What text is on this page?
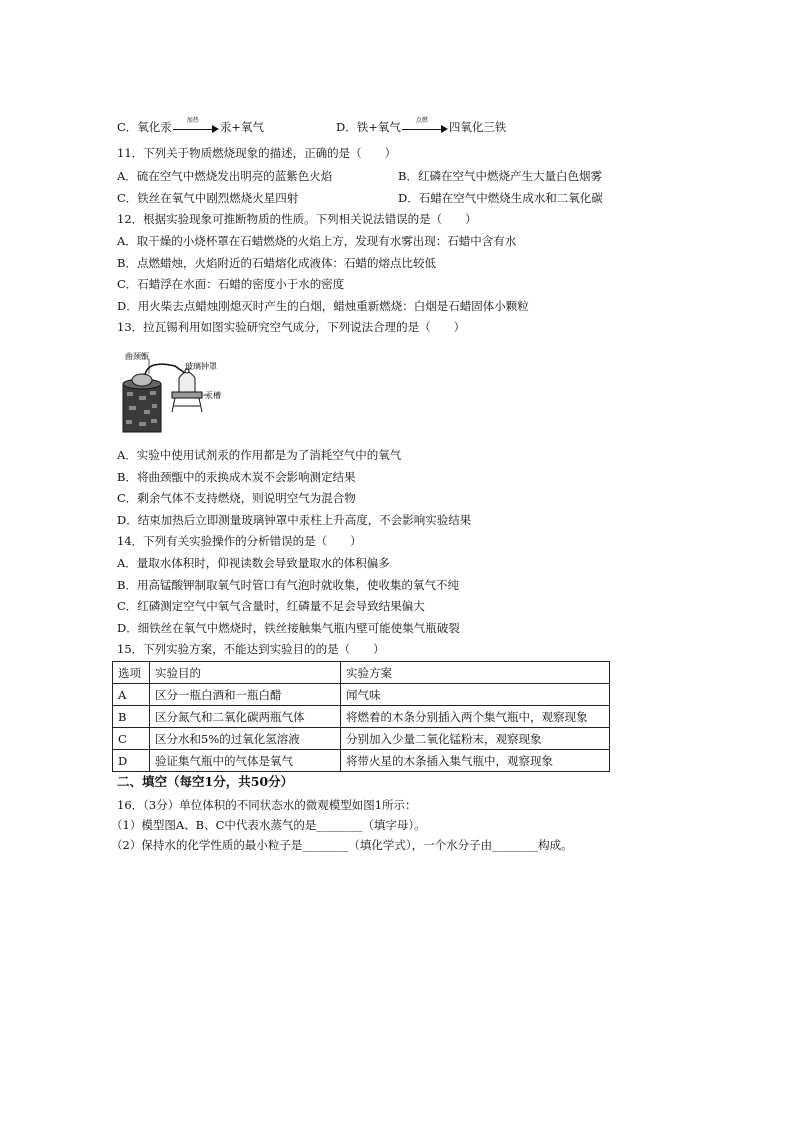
C．氧化汞	加热	汞+氧气	D．铁+氧气	点燃	四氧化三铁
11．下列关于物质燃烧现象的描述，正确的是（　　）
A．硫在空气中燃烧发出明亮的蓝紫色火焰	B．红磷在空气中燃烧产生大量白色烟雾
C．铁丝在氧气中剧烈燃烧火星四射	D．石蜡在空气中燃烧生成水和二氧化碳
12．根据实验现象可推断物质的性质。下列相关说法错误的是（　　）
A．取干燥的小烧杯罩在石蜡燃烧的火焰上方，发现有水雾出现：石蜡中含有水
B．点燃蜡烛，火焰附近的石蜡熔化成液体：石蜡的熔点比较低
C．石蜡浮在水面：石蜡的密度小于水的密度
D．用火柴去点蜡烛刚熄灭时产生的白烟，蜡烛重新燃烧：白烟是石蜡固体小颗粒
13．拉瓦锡利用如图实验研究空气成分，下列说法合理的是（　　）
曲颈甑
玻璃钟罩
汞槽
A．实验中使用试剂汞的作用都是为了消耗空气中的氧气
B．将曲颈甑中的汞换成木炭不会影响测定结果
C．剩余气体不支持燃烧，则说明空气为混合物
D．结束加热后立即测量玻璃钟罩中汞柱上升高度，不会影响实验结果
14．下列有关实验操作的分析错误的是（　　）
A．量取水体积时，仰视读数会导致量取水的体积偏多
B．用高锰酸钾制取氧气时管口有气泡时就收集，使收集的氧气不纯
C．红磷测定空气中氧气含量时，红磷量不足会导致结果偏大
D．细铁丝在氧气中燃烧时，铁丝接触集气瓶内壁可能使集气瓶破裂
15．下列实验方案，不能达到实验目的的是（　　）
选项	实验目的	实验方案
A	区分一瓶白酒和一瓶白醋	闻气味
B	区分氮气和二氧化碳两瓶气体	将燃着的木条分别插入两个集气瓶中，观察现象
C	区分水和5%的过氧化氢溶液	分别加入少量二氧化锰粉末，观察现象
D	验证集气瓶中的气体是氧气	将带火星的木条插入集气瓶中，观察现象
二、填空（每空1分，共50分）
16．（3分）单位体积的不同状态水的微观模型如图1所示：
（1）模型图A、B、C中代表水蒸气的是________（填字母）。
（2）保持水的化学性质的最小粒子是________（填化学式），一个水分子由________构成。
